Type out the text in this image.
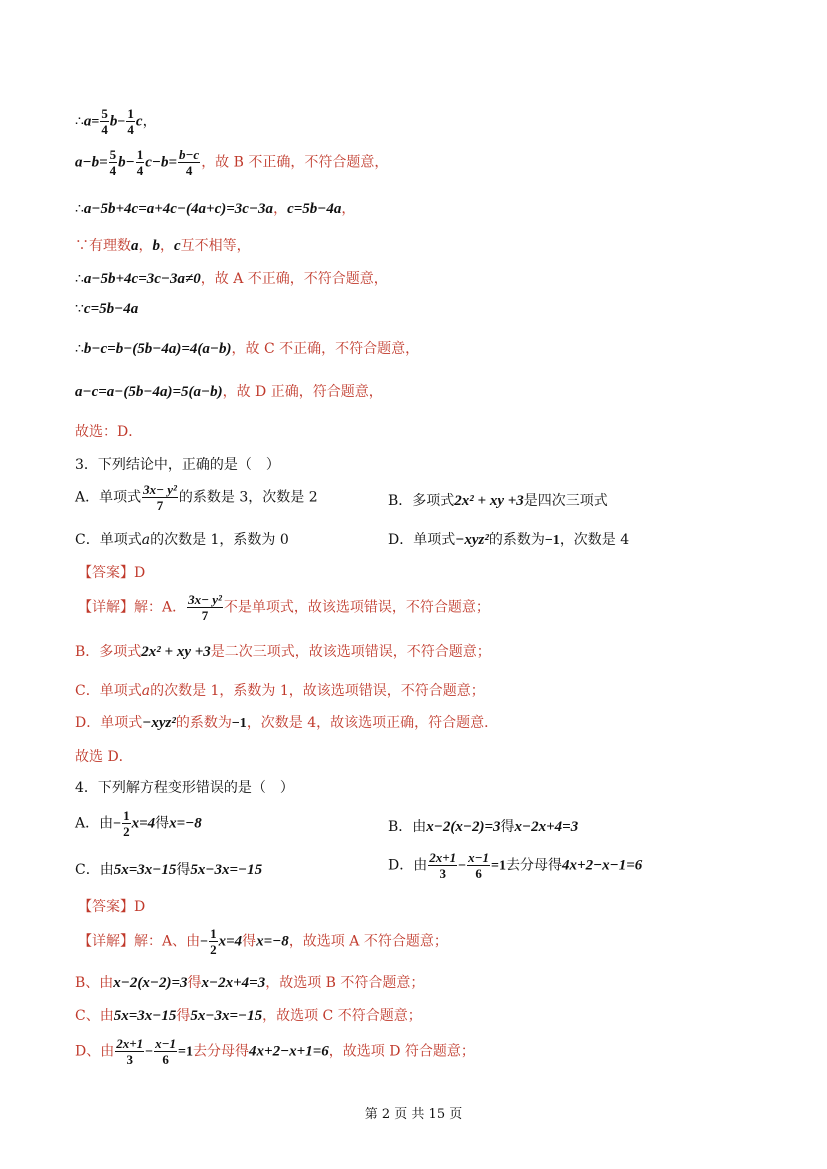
∴a= $\frac{5}{4} b- \frac{1}{4}$ c，
$a-b= \frac{5}{4} b- \frac{1}{4} c-b= \frac{b-c}{4}$ ，故 B 不正确，不符合题意，
∴a−5b+4c=a+4c−(4a+c)=3c−3a，c=5b−4a，
∵有理数a，b，c互不相等，
∴a−5b+4c=3c−3a≠0，故 A 不正确，不符合题意，
∵c=5b−4a
∴b−c=b−(5b−4a)=4(a−b)，故 C 不正确，不符合题意，
a−c=a−(5b−4a)=5(a−b)，故 D 正确，符合题意，
故选：D．
3．下列结论中，正确的是（　）
A．单项式 $\frac{\text{3x− y²}}{7}$ 的系数是 3，次数是 2	B．多项式2x² + xy +3是四次三项式
C．单项式a的次数是 1，系数为 0	D．单项式−xyz²的系数为−1，次数是 4
【答案】D
【详解】解：A． $\frac{\text{3x− y²}}{7}$ 不是单项式，故该选项错误，不符合题意；
B．多项式2x² + xy +3是二次三项式，故该选项错误，不符合题意；
C．单项式a的次数是 1，系数为 1，故该选项错误，不符合题意；
D．单项式−xyz²的系数为−1，次数是 4，故该选项正确，符合题意．
故选 D．
4．下列解方程变形错误的是（　）
A．由− $\frac{1}{2} x=4$得x=−8	B．由x−2(x−2)=3得x−2x+4=3
C．由5x=3x−15得5x−3x=−15	D．由 $\frac{2x+1}{3} - \frac{x-1}{6} =1$去分母得4x+2−x−1=6
【答案】D
【详解】解：A、由− $\frac{1}{2} x=4$得x=−8，故选项 A 不符合题意；
B、由x−2(x−2)=3得x−2x+4=3，故选项 B 不符合题意；
C、由5x=3x−15得5x−3x=−15，故选项 C 不符合题意；
D、由 $\frac{2x+1}{3} - \frac{x-1}{6} =1$去分母得4x+2−x+1=6，故选项 D 符合题意；
第 2 页 共 15 页
